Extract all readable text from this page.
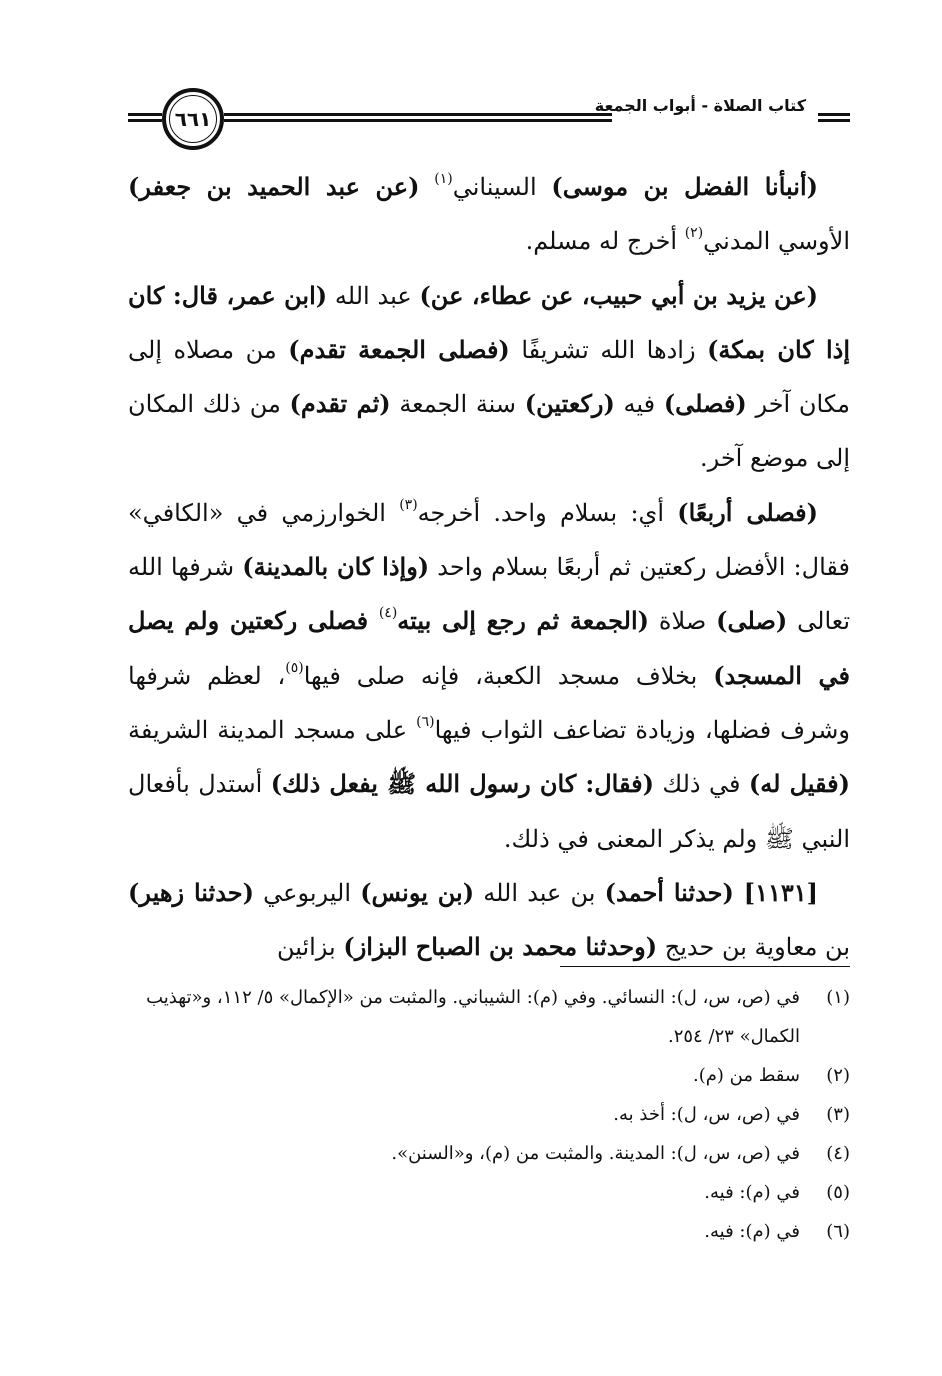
٦٦١
كتاب الصلاة - أبواب الجمعة

(أنبأنا الفضل بن موسى) السيناني$^{(١)}$ (عن عبد الحميد بن جعفر) الأوسي المدني$^{(٢)}$ أخرج له مسلم.

(عن يزيد بن أبي حبيب، عن عطاء، عن) عبد الله (ابن عمر، قال: كان إذا كان بمكة) زادها الله تشريفًا (فصلى الجمعة تقدم) من مصلاه إلى مكان آخر (فصلى) فيه (ركعتين) سنة الجمعة (ثم تقدم) من ذلك المكان إلى موضع آخر.

(فصلى أربعًا) أي: بسلام واحد. أخرجه$^{(٣)}$ الخوارزمي في «الكافي» فقال: الأفضل ركعتين ثم أربعًا بسلام واحد (وإذا كان بالمدينة) شرفها الله تعالى (صلى) صلاة (الجمعة ثم رجع إلى بيته$^{(٤)}$ فصلى ركعتين ولم يصل في المسجد) بخلاف مسجد الكعبة، فإنه صلى فيها$^{(٥)}$، لعظم شرفها وشرف فضلها، وزيادة تضاعف الثواب فيها$^{(٦)}$ على مسجد المدينة الشريفة (فقيل له) في ذلك (فقال: كان رسول الله ﷺ يفعل ذلك) أستدل بأفعال النبي ﷺ ولم يذكر المعنى في ذلك.

[١١٣١] (حدثنا أحمد) بن عبد الله (بن يونس) اليربوعي (حدثنا زهير) بن معاوية بن حديج (وحدثنا محمد بن الصباح البزاز) بزائين

(١)
في (ص، س، ل): النسائي. وفي (م): الشيباني. والمثبت من «الإكمال» ٥/ ١١٢، و«تهذيب الكمال» ٢٣/ ٢٥٤.
(٢)
سقط من (م).
(٣)
في (ص، س، ل): أخذ به.
(٤)
في (ص، س، ل): المدينة. والمثبت من (م)، و«السنن».
(٥)
في (م): فيه.
(٦)
في (م): فيه.
